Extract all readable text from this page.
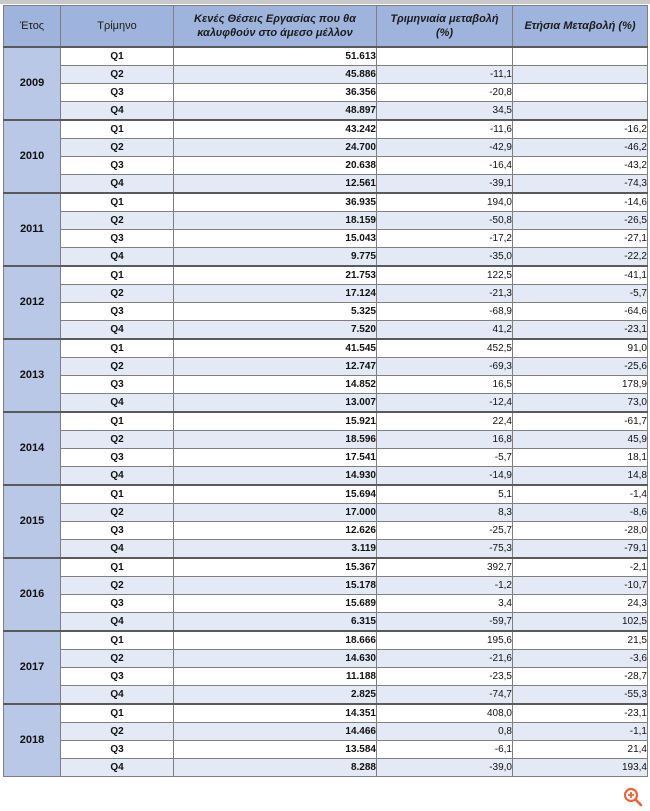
Έτος	Τρίμηνο	Κενές Θέσεις Εργασίας που θα καλυφθούν στο άμεσο μέλλον	Τριμηνιαία μεταβολή (%)	Ετήσια Μεταβολή (%)
2009	Q1	51.613		
	Q2	45.886	-11,1	
	Q3	36.356	-20,8	
	Q4	48.897	34,5	
2010	Q1	43.242	-11,6	-16,2
	Q2	24.700	-42,9	-46,2
	Q3	20.638	-16,4	-43,2
	Q4	12.561	-39,1	-74,3
2011	Q1	36.935	194,0	-14,6
	Q2	18.159	-50,8	-26,5
	Q3	15.043	-17,2	-27,1
	Q4	9.775	-35,0	-22,2
2012	Q1	21.753	122,5	-41,1
	Q2	17.124	-21,3	-5,7
	Q3	5.325	-68,9	-64,6
	Q4	7.520	41,2	-23,1
2013	Q1	41.545	452,5	91,0
	Q2	12.747	-69,3	-25,6
	Q3	14.852	16,5	178,9
	Q4	13.007	-12,4	73,0
2014	Q1	15.921	22,4	-61,7
	Q2	18.596	16,8	45,9
	Q3	17.541	-5,7	18,1
	Q4	14.930	-14,9	14,8
2015	Q1	15.694	5,1	-1,4
	Q2	17.000	8,3	-8,6
	Q3	12.626	-25,7	-28,0
	Q4	3.119	-75,3	-79,1
2016	Q1	15.367	392,7	-2,1
	Q2	15.178	-1,2	-10,7
	Q3	15.689	3,4	24,3
	Q4	6.315	-59,7	102,5
2017	Q1	18.666	195,6	21,5
	Q2	14.630	-21,6	-3,6
	Q3	11.188	-23,5	-28,7
	Q4	2.825	-74,7	-55,3
2018	Q1	14.351	408,0	-23,1
	Q2	14.466	0,8	-1,1
	Q3	13.584	-6,1	21,4
	Q4	8.288	-39,0	193,4
